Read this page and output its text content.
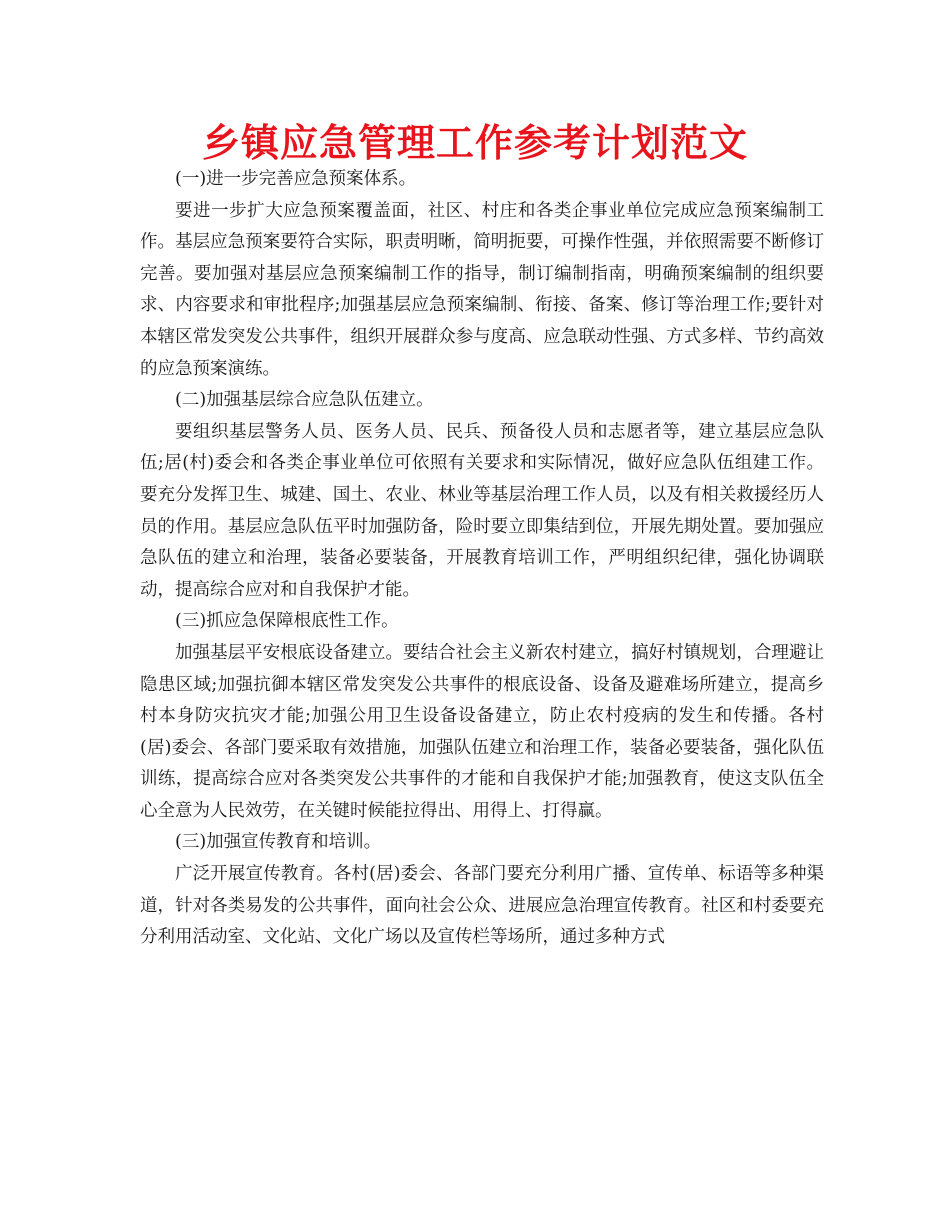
乡镇应急管理工作参考计划范文

(一)进一步完善应急预案体系。

要进一步扩大应急预案覆盖面，社区、村庄和各类企事业单位完成应急预案编制工作。基层应急预案要符合实际，职责明晰，简明扼要，可操作性强，并依照需要不断修订完善。要加强对基层应急预案编制工作的指导，制订编制指南，明确预案编制的组织要求、内容要求和审批程序;加强基层应急预案编制、衔接、备案、修订等治理工作;要针对本辖区常发突发公共事件，组织开展群众参与度高、应急联动性强、方式多样、节约高效的应急预案演练。

(二)加强基层综合应急队伍建立。

要组织基层警务人员、医务人员、民兵、预备役人员和志愿者等，建立基层应急队伍;居(村)委会和各类企事业单位可依照有关要求和实际情况，做好应急队伍组建工作。要充分发挥卫生、城建、国土、农业、林业等基层治理工作人员，以及有相关救援经历人员的作用。基层应急队伍平时加强防备，险时要立即集结到位，开展先期处置。要加强应急队伍的建立和治理，装备必要装备，开展教育培训工作，严明组织纪律，强化协调联动，提高综合应对和自我保护才能。

(三)抓应急保障根底性工作。

加强基层平安根底设备建立。要结合社会主义新农村建立，搞好村镇规划，合理避让隐患区域;加强抗御本辖区常发突发公共事件的根底设备、设备及避难场所建立，提高乡村本身防灾抗灾才能;加强公用卫生设备设备建立，防止农村疫病的发生和传播。各村(居)委会、各部门要采取有效措施，加强队伍建立和治理工作，装备必要装备，强化队伍训练，提高综合应对各类突发公共事件的才能和自我保护才能;加强教育，使这支队伍全心全意为人民效劳，在关键时候能拉得出、用得上、打得赢。

(三)加强宣传教育和培训。

广泛开展宣传教育。各村(居)委会、各部门要充分利用广播、宣传单、标语等多种渠道，针对各类易发的公共事件，面向社会公众、进展应急治理宣传教育。社区和村委要充分利用活动室、文化站、文化广场以及宣传栏等场所，通过多种方式
